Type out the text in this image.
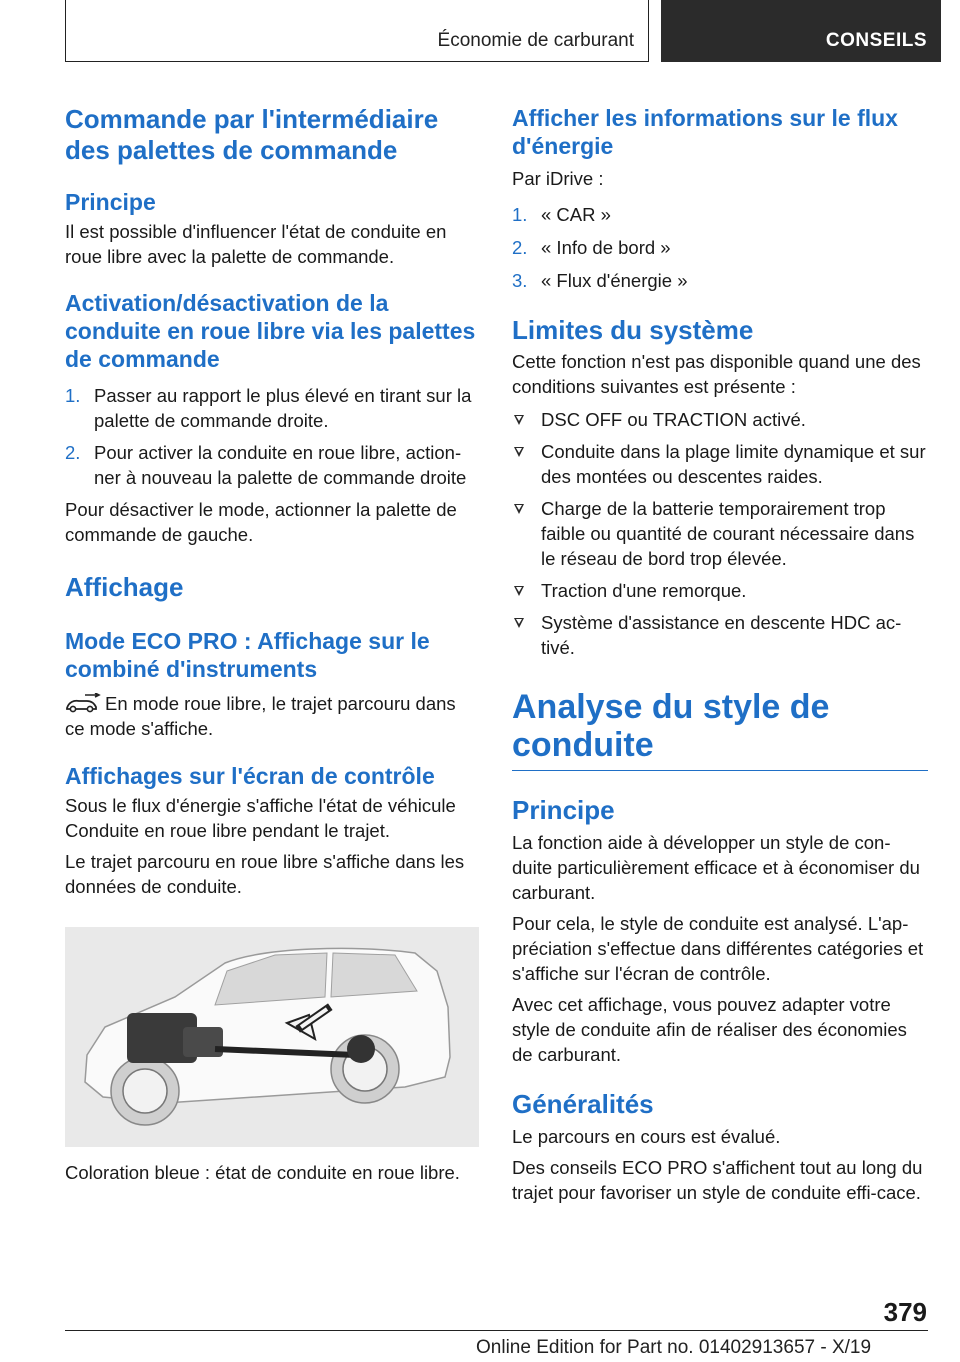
Économie de carburant	CONSEILS
Commande par l'intermédiaire des palettes de commande
Principe

Il est possible d'influencer l'état de conduite en roue libre avec la palette de commande.

Activation/désactivation de la conduite en roue libre via les palettes de commande
1. Passer au rapport le plus élevé en tirant sur la palette de commande droite.
2. Pour activer la conduite en roue libre, action-ner à nouveau la palette de commande droite

Pour désactiver le mode, actionner la palette de commande de gauche.

Affichage
Mode ECO PRO : Affichage sur le combiné d'instruments

En mode roue libre, le trajet parcouru dans ce mode s'affiche.

Affichages sur l'écran de contrôle

Sous le flux d'énergie s'affiche l'état de véhicule Conduite en roue libre pendant le trajet.

Le trajet parcouru en roue libre s'affiche dans les données de conduite.

Coloration bleue : état de conduite en roue libre.

Afficher les informations sur le flux d'énergie

Par iDrive :

1. « CAR »
2. « Info de bord »
3. « Flux d'énergie »
Limites du système

Cette fonction n'est pas disponible quand une des conditions suivantes est présente :

DSC OFF ou TRACTION activé.
Conduite dans la plage limite dynamique et sur des montées ou descentes raides.
Charge de la batterie temporairement trop faible ou quantité de courant nécessaire dans le réseau de bord trop élevée.
Traction d'une remorque.
Système d'assistance en descente HDC ac-tivé.
Analyse du style de conduite
Principe

La fonction aide à développer un style de con-duite particulièrement efficace et à économiser du carburant.

Pour cela, le style de conduite est analysé. L'ap-préciation s'effectue dans différentes catégories et s'affiche sur l'écran de contrôle.

Avec cet affichage, vous pouvez adapter votre style de conduite afin de réaliser des économies de carburant.

Généralités

Le parcours en cours est évalué.

Des conseils ECO PRO s'affichent tout au long du trajet pour favoriser un style de conduite effi-cace.

379
Online Edition for Part no. 01402913657 - X/19
